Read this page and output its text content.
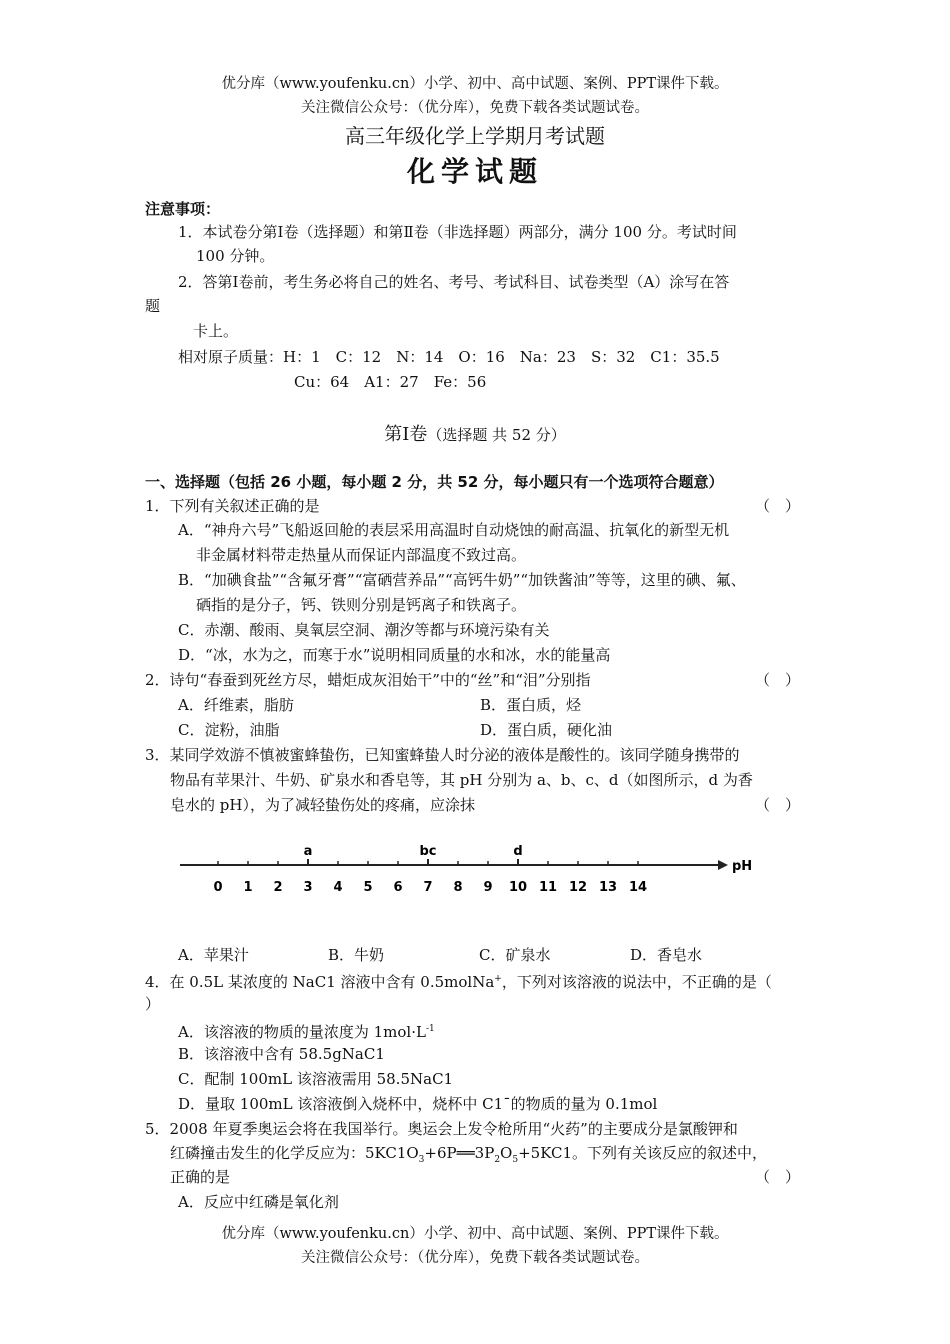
优分库（www.youfenku.cn）小学、初中、高中试题、案例、PPT课件下载。
关注微信公众号：（优分库），免费下载各类试题试卷。
高三年级化学上学期月考试题
化学试题
注意事项：
1．本试卷分第Ⅰ卷（选择题）和第Ⅱ卷（非选择题）两部分，满分 100 分。考试时间
100 分钟。
2．答第Ⅰ卷前，考生务必将自己的姓名、考号、考试科目、试卷类型（A）涂写在答
题
卡上。
相对原子质量：H：1　C：12　N：14　O：16　Na：23　S：32　C1：35.5
Cu：64　A1：27　Fe：56
第Ⅰ卷（选择题 共 52 分）
一、选择题（包括 26 小题，每小题 2 分，共 52 分，每小题只有一个选项符合题意）
1．下列有关叙述正确的是	（　）
A．“神舟六号”飞船返回舱的表层采用高温时自动烧蚀的耐高温、抗氧化的新型无机
非金属材料带走热量从而保证内部温度不致过高。
B．“加碘食盐”“含氟牙膏”“富硒营养品”“高钙牛奶”“加铁酱油”等等，这里的碘、氟、
硒指的是分子，钙、铁则分别是钙离子和铁离子。
C．赤潮、酸雨、臭氧层空洞、潮汐等都与环境污染有关
D．“冰，水为之，而寒于水”说明相同质量的水和冰，水的能量高
2．诗句“春蚕到死丝方尽，蜡炬成灰泪始干”中的“丝”和“泪”分别指	（　）
A．纤维素，脂肪	B．蛋白质，烃
C．淀粉，油脂	D．蛋白质，硬化油
3．某同学效游不慎被蜜蜂蛰伤，已知蜜蜂蛰人时分泌的液体是酸性的。该同学随身携带的
物品有苹果汁、牛奶、矿泉水和香皂等，其 pH 分别为 a、b、c、d（如图所示，d 为香
皂水的 pH），为了减轻蛰伤处的疼痛，应涂抹	（　）
pH
0 1 2 3 4 5 6 7 8 9 10 11 12 13 14
a	bc	d
A．苹果汁	B．牛奶	C．矿泉水	D．香皂水
4．在 0.5L 某浓度的 NaC1 溶液中含有 0.5molNa+，下列对该溶液的说法中，不正确的是（
）
A．该溶液的物质的量浓度为 $1mol\cdot L^{-1}$
B．该溶液中含有 58.5gNaC1
C．配制 100mL 该溶液需用 58.5NaC1
D．量取 100mL 该溶液倒入烧杯中，烧杯中 C1ˉ的物质的量为 0.1mol
5．2008 年夏季奥运会将在我国举行。奥运会上发令枪所用“火药”的主要成分是氯酸钾和
红磷撞击发生的化学反应为：$5KC1O_3+6P══3P_2O_5+5KC1$。下列有关该反应的叙述中，
正确的是	（　）
A．反应中红磷是氧化剂
优分库（www.youfenku.cn）小学、初中、高中试题、案例、PPT课件下载。
关注微信公众号：（优分库），免费下载各类试题试卷。
